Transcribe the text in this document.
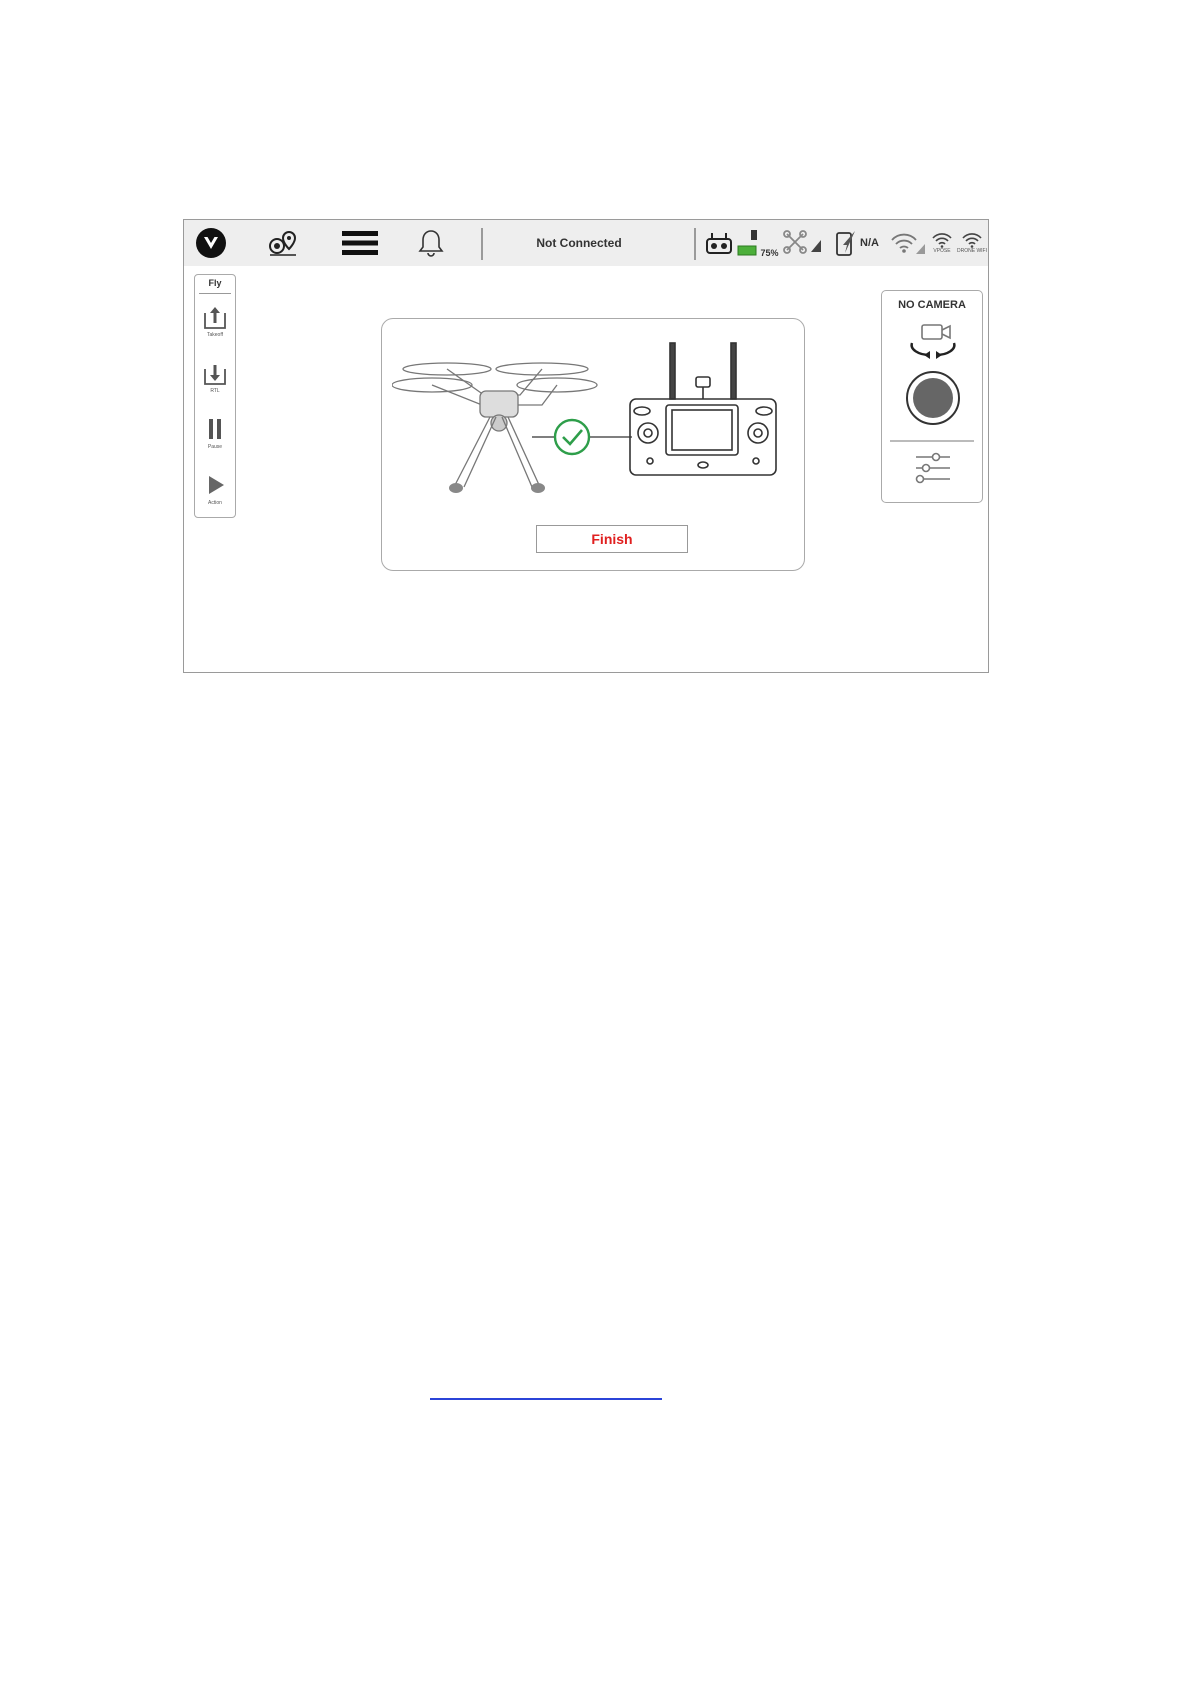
Not Connected
75%
N/A
VPOSE DRONE WIFI
Fly
Takeoff
RTL
Pause
Action
Finish
NO CAMERA
